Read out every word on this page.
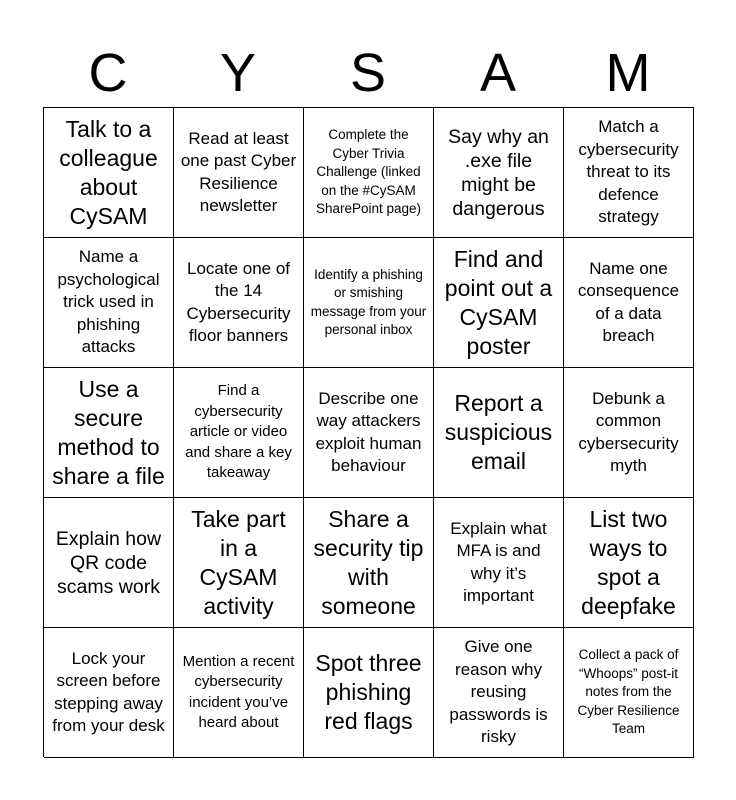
C	Y	S	A	M
Talk to a colleague about CySAM
Read at least one past Cyber Resilience newsletter
Complete the Cyber Trivia Challenge (linked on the #CySAM SharePoint page)
Say why an .exe file might be dangerous
Match a cybersecurity threat to its defence strategy
Name a psychological trick used in phishing attacks
Locate one of the 14 Cybersecurity floor banners
Identify a phishing or smishing message from your personal inbox
Find and point out a CySAM poster
Name one consequence of a data breach
Use a secure method to share a file
Find a cybersecurity article or video and share a key takeaway
Describe one way attackers exploit human behaviour
Report a suspicious email
Debunk a common cybersecurity myth
Explain how QR code scams work
Take part in a CySAM activity
Share a security tip with someone
Explain what MFA is and why it’s important
List two ways to spot a deepfake
Lock your screen before stepping away from your desk
Mention a recent cybersecurity incident you’ve heard about
Spot three phishing red flags
Give one reason why reusing passwords is risky
Collect a pack of “Whoops” post-it notes from the Cyber Resilience Team
